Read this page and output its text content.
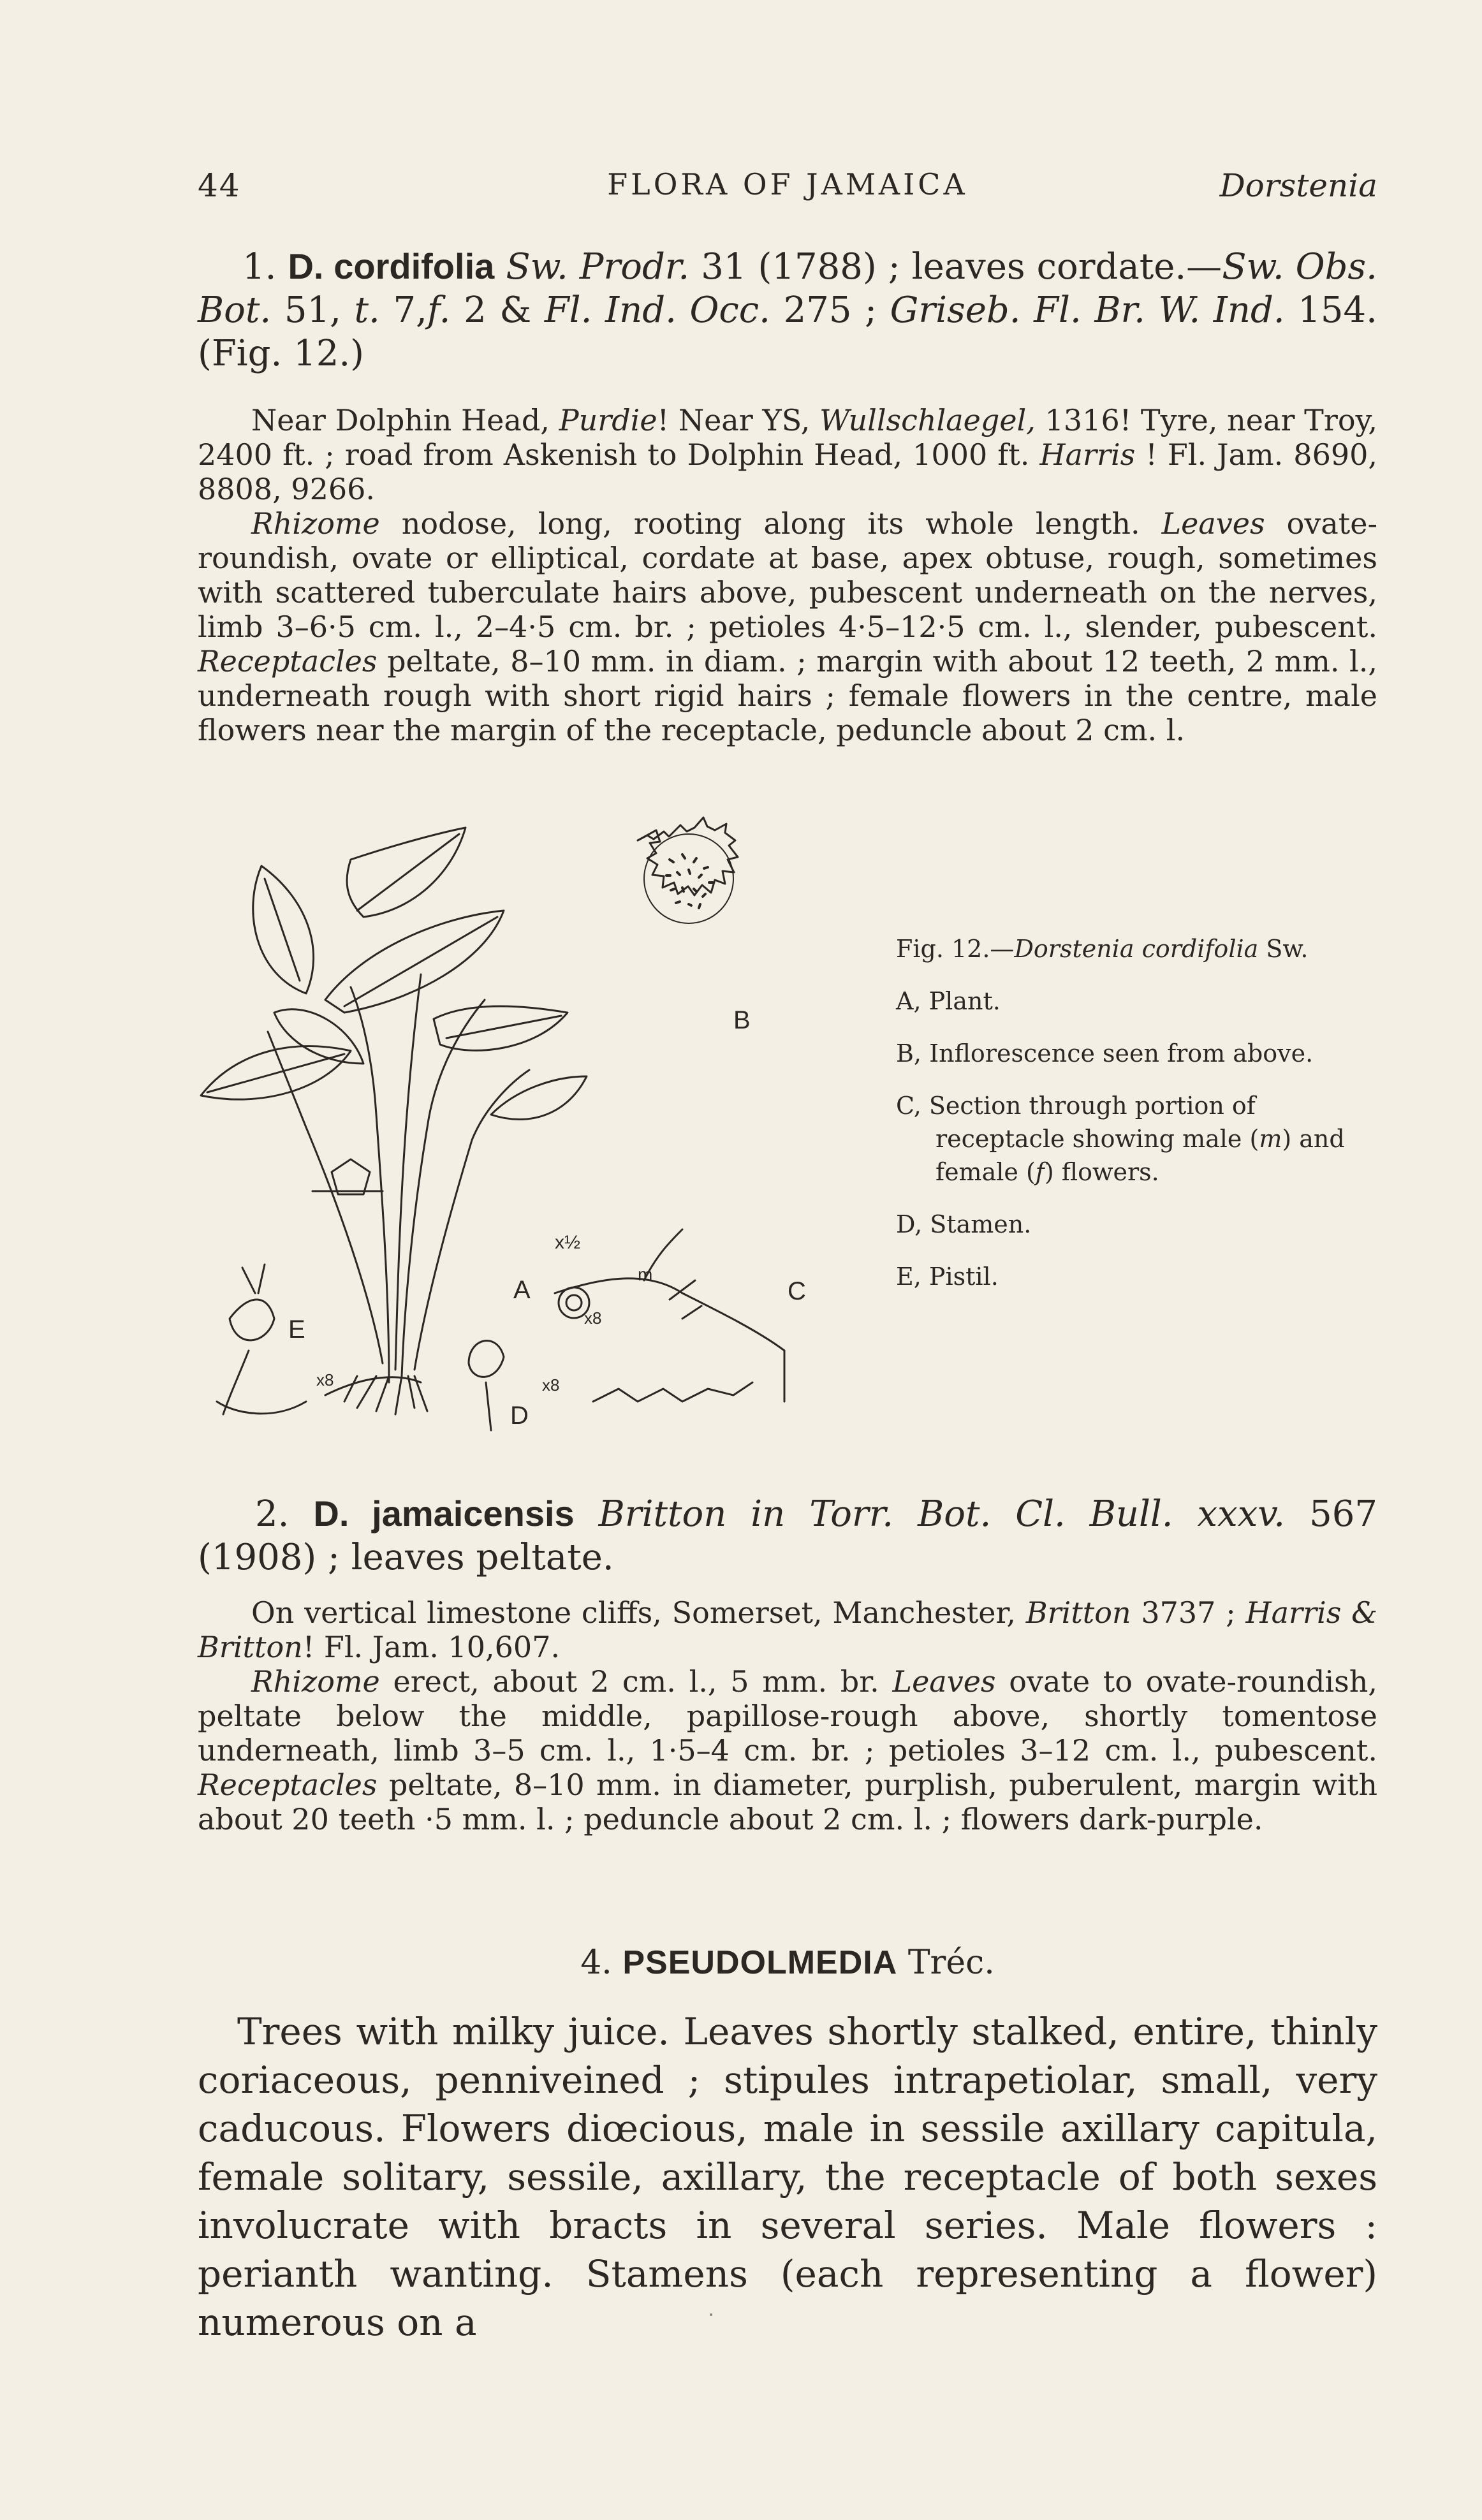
44	FLORA OF JAMAICA	Dorstenia
1. D. cordifolia Sw. Prodr. 31 (1788) ; leaves cordate.—Sw. Obs. Bot. 51, t. 7,f. 2 & Fl. Ind. Occ. 275 ; Griseb. Fl. Br. W. Ind. 154. (Fig. 12.)
Near Dolphin Head, Purdie! Near YS, Wullschlaegel, 1316! Tyre, near Troy, 2400 ft. ; road from Askenish to Dolphin Head, 1000 ft. Harris ! Fl. Jam. 8690, 8808, 9266.
Rhizome nodose, long, rooting along its whole length. Leaves ovate-roundish, ovate or elliptical, cordate at base, apex obtuse, rough, sometimes with scattered tuberculate hairs above, pubescent underneath on the nerves, limb 3–6·5 cm. l., 2–4·5 cm. br. ; petioles 4·5–12·5 cm. l., slender, pubescent. Receptacles peltate, 8–10 mm. in diam. ; margin with about 12 teeth, 2 mm. l., underneath rough with short rigid hairs ; female flowers in the centre, male flowers near the margin of the receptacle, peduncle about 2 cm. l.
B
A	C
D
E
m
x½
x8	x8
x8
Fig. 12.—Dorstenia cordifolia Sw.
A, Plant.
B, Inflorescence seen from above.
C, Section through portion of receptacle showing male (m) and female (f) flowers.
D, Stamen.
E, Pistil.
2. D. jamaicensis Britton in Torr. Bot. Cl. Bull. xxxv. 567 (1908) ; leaves peltate.
On vertical limestone cliffs, Somerset, Manchester, Britton 3737 ; Harris & Britton! Fl. Jam. 10,607.
Rhizome erect, about 2 cm. l., 5 mm. br. Leaves ovate to ovate-roundish, peltate below the middle, papillose-rough above, shortly tomentose underneath, limb 3–5 cm. l., 1·5–4 cm. br. ; petioles 3–12 cm. l., pubescent. Receptacles peltate, 8–10 mm. in diameter, purplish, puberulent, margin with about 20 teeth ·5 mm. l. ; peduncle about 2 cm. l. ; flowers dark-purple.
4. PSEUDOLMEDIA Tréc.
Trees with milky juice. Leaves shortly stalked, entire, thinly coriaceous, penniveined ; stipules intrapetiolar, small, very caducous. Flowers diœcious, male in sessile axillary capitula, female solitary, sessile, axillary, the receptacle of both sexes involucrate with bracts in several series. Male flowers : perianth wanting. Stamens (each representing a flower) numerous on a
